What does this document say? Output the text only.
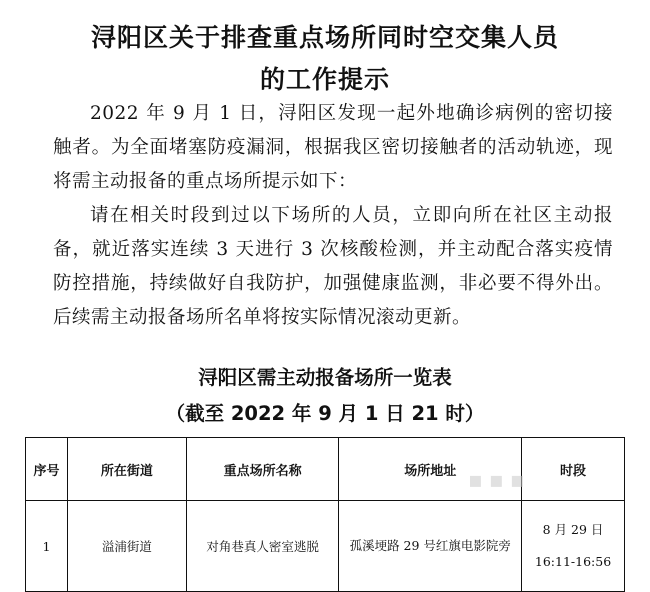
浔阳区关于排查重点场所同时空交集人员
的工作提示

2022 年 9 月 1 日，浔阳区发现一起外地确诊病例的密切接触者。为全面堵塞防疫漏洞，根据我区密切接触者的活动轨迹，现将需主动报备的重点场所提示如下：

请在相关时段到过以下场所的人员，立即向所在社区主动报备，就近落实连续 3 天进行 3 次核酸检测，并主动配合落实疫情防控措施，持续做好自我防护，加强健康监测，非必要不得外出。后续需主动报备场所名单将按实际情况滚动更新。

浔阳区需主动报备场所一览表
（截至 2022 年 9 月 1 日 21 时）
序号	所在街道	重点场所名称	场所地址	时段
1	溢浦街道	对角巷真人密室逃脱	孤溪埂路 29 号红旗电影院旁	8 月 29 日
16:11-16:56
▪▪▪
